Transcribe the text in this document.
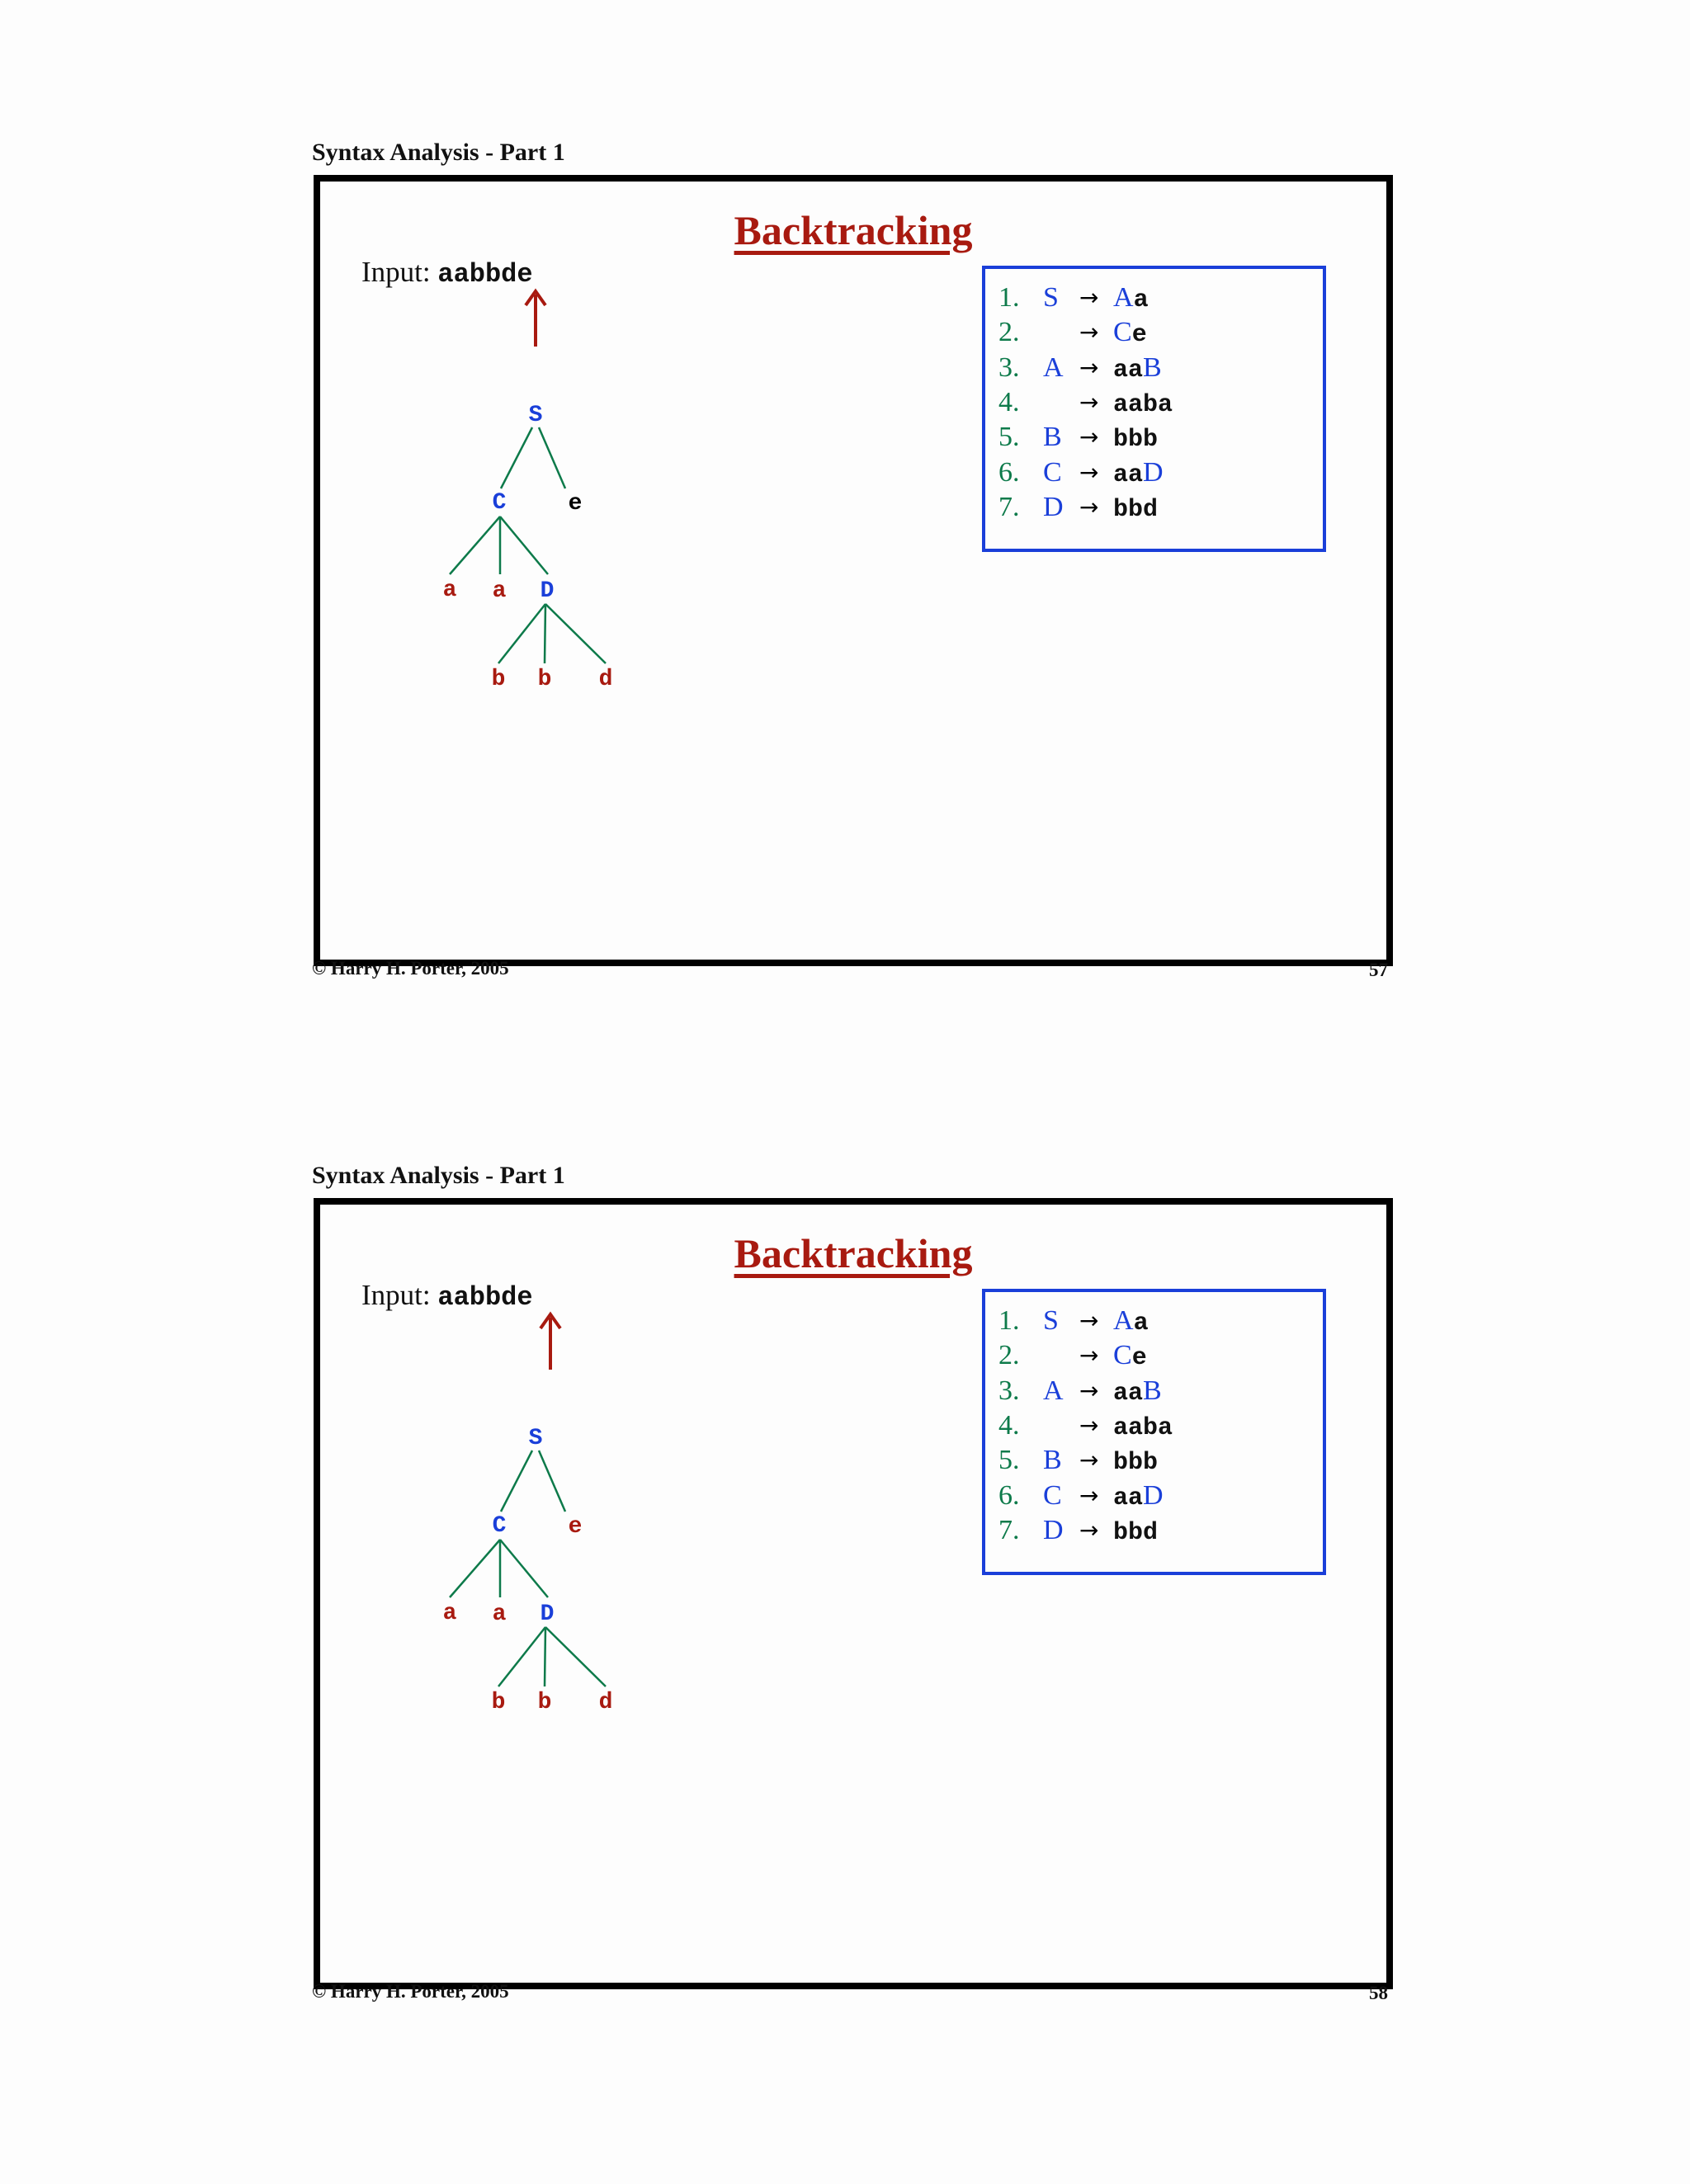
Syntax Analysis - Part 1
Backtracking
Input: aabbde
S
C	e
a a D
b b d
1. S → Aa
2.	→ Ce
3. A → aaB
4.	→ aaba
5. B → bbb
6. C → aaD
7. D → bbd
© Harry H. Porter, 2005	57
Syntax Analysis - Part 1
Backtracking
Input: aabbde
S
C	e
a a D
b b d
1. S → Aa
2.	→ Ce
3. A → aaB
4.	→ aaba
5. B → bbb
6. C → aaD
7. D → bbd
© Harry H. Porter, 2005	58
